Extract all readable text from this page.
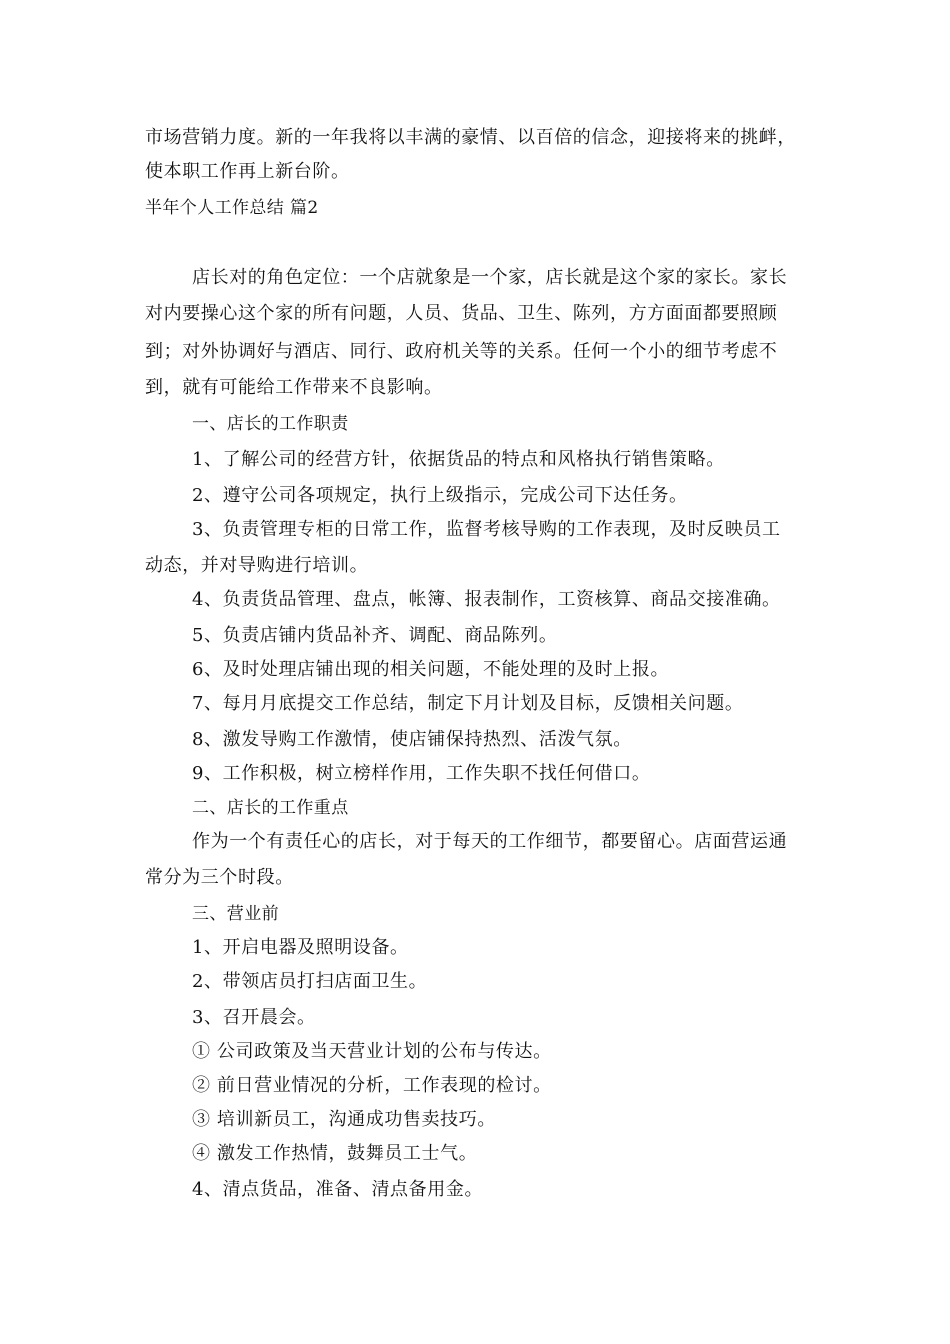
市场营销力度。新的一年我将以丰满的豪情、以百倍的信念，迎接将来的挑衅，
使本职工作再上新台阶。
半年个人工作总结 篇2
店长对的角色定位：一个店就象是一个家，店长就是这个家的家长。家长
对内要操心这个家的所有问题，人员、货品、卫生、陈列，方方面面都要照顾
到；对外协调好与酒店、同行、政府机关等的关系。任何一个小的细节考虑不
到，就有可能给工作带来不良影响。
一、店长的工作职责
1、了解公司的经营方针，依据货品的特点和风格执行销售策略。
2、遵守公司各项规定，执行上级指示，完成公司下达任务。
3、负责管理专柜的日常工作，监督考核导购的工作表现，及时反映员工
动态，并对导购进行培训。
4、负责货品管理、盘点，帐簿、报表制作，工资核算、商品交接准确。
5、负责店铺内货品补齐、调配、商品陈列。
6、及时处理店铺出现的相关问题，不能处理的及时上报。
7、每月月底提交工作总结，制定下月计划及目标，反馈相关问题。
8、激发导购工作激情，使店铺保持热烈、活泼气氛。
9、工作积极，树立榜样作用，工作失职不找任何借口。
二、店长的工作重点
作为一个有责任心的店长，对于每天的工作细节，都要留心。店面营运通
常分为三个时段。
三、营业前
1、开启电器及照明设备。
2、带领店员打扫店面卫生。
3、召开晨会。
① 公司政策及当天营业计划的公布与传达。
② 前日营业情况的分析，工作表现的检讨。
③ 培训新员工，沟通成功售卖技巧。
④ 激发工作热情，鼓舞员工士气。
4、清点货品，准备、清点备用金。
